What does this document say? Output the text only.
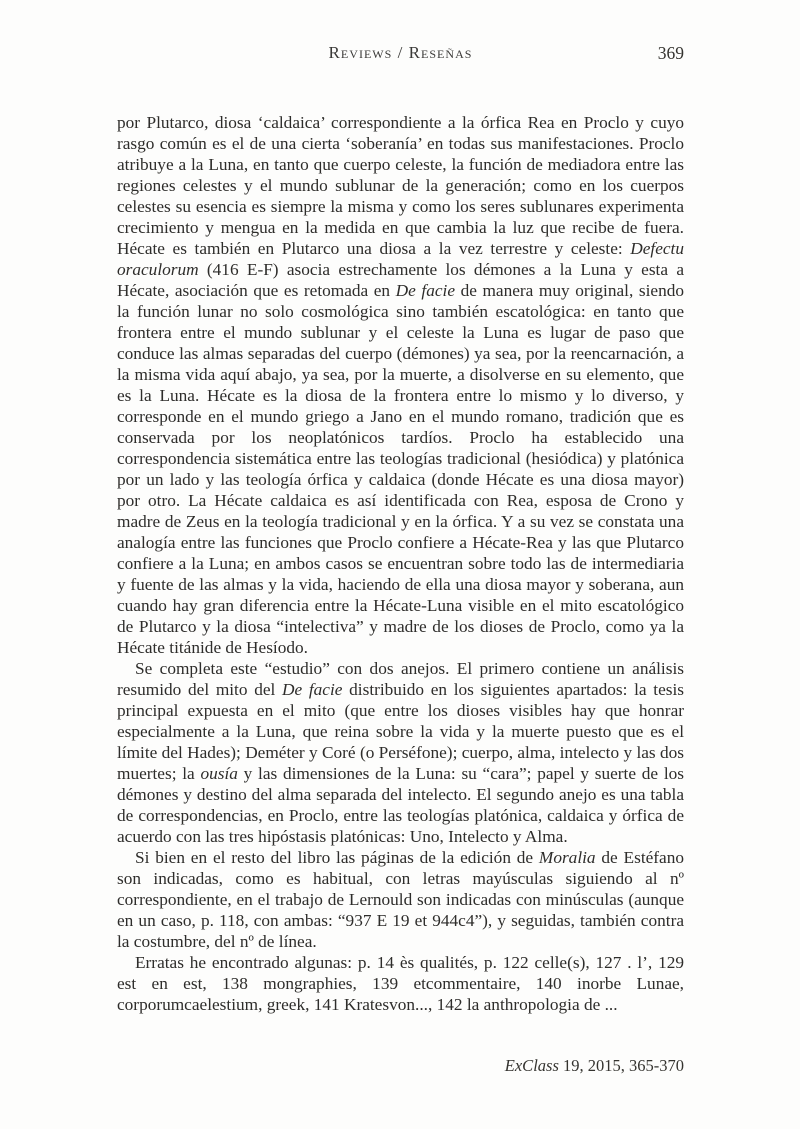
Reviews / Reseñas	369

por Plutarco, diosa ‘caldaica’ correspondiente a la órfica Rea en Proclo y cuyo rasgo común es el de una cierta ‘soberanía’ en todas sus manifestaciones. Proclo atribuye a la Luna, en tanto que cuerpo celeste, la función de mediadora entre las regiones celestes y el mundo sublunar de la generación; como en los cuerpos celestes su esencia es siempre la misma y como los seres sublunares experimenta crecimiento y mengua en la medida en que cambia la luz que recibe de fuera. Hécate es también en Plutarco una diosa a la vez terrestre y celeste: Defectu oraculorum (416 E-F) asocia estrechamente los démones a la Luna y esta a Hécate, asociación que es retomada en De facie de manera muy original, siendo la función lunar no solo cosmológica sino también escatológica: en tanto que frontera entre el mundo sublunar y el celeste la Luna es lugar de paso que conduce las almas separadas del cuerpo (démones) ya sea, por la reencarnación, a la misma vida aquí abajo, ya sea, por la muerte, a disolverse en su elemento, que es la Luna. Hécate es la diosa de la frontera entre lo mismo y lo diverso, y corresponde en el mundo griego a Jano en el mundo romano, tradición que es conservada por los neoplatónicos tardíos. Proclo ha establecido una correspondencia sistemática entre las teologías tradicional (hesiódica) y platónica por un lado y las teología órfica y caldaica (donde Hécate es una diosa mayor) por otro. La Hécate caldaica es así identificada con Rea, esposa de Crono y madre de Zeus en la teología tradicional y en la órfica. Y a su vez se constata una analogía entre las funciones que Proclo confiere a Hécate-Rea y las que Plutarco confiere a la Luna; en ambos casos se encuentran sobre todo las de intermediaria y fuente de las almas y la vida, haciendo de ella una diosa mayor y soberana, aun cuando hay gran diferencia entre la Hécate-Luna visible en el mito escatológico de Plutarco y la diosa “intelectiva” y madre de los dioses de Proclo, como ya la Hécate titánide de Hesíodo.

Se completa este “estudio” con dos anejos. El primero contiene un análisis resumido del mito del De facie distribuido en los siguientes apartados: la tesis principal expuesta en el mito (que entre los dioses visibles hay que honrar especialmente a la Luna, que reina sobre la vida y la muerte puesto que es el límite del Hades); Deméter y Coré (o Perséfone); cuerpo, alma, intelecto y las dos muertes; la ousía y las dimensiones de la Luna: su “cara”; papel y suerte de los démones y destino del alma separada del intelecto. El segundo anejo es una tabla de correspondencias, en Proclo, entre las teologías platónica, caldaica y órfica de acuerdo con las tres hipóstasis platónicas: Uno, Intelecto y Alma.

Si bien en el resto del libro las páginas de la edición de Moralia de Estéfano son indicadas, como es habitual, con letras mayúsculas siguiendo al nº correspondiente, en el trabajo de Lernould son indicadas con minúsculas (aunque en un caso, p. 118, con ambas: “937 E 19 et 944c4”), y seguidas, también contra la costumbre, del nº de línea.

Erratas he encontrado algunas: p. 14 ès qualités, p. 122 celle(s), 127 . l’, 129 est en est, 138 mongraphies, 139 etcommentaire, 140 inorbe Lunae, corporumcaelestium, greek, 141 Kratesvon..., 142 la anthropologia de ...

ExClass 19, 2015, 365-370
